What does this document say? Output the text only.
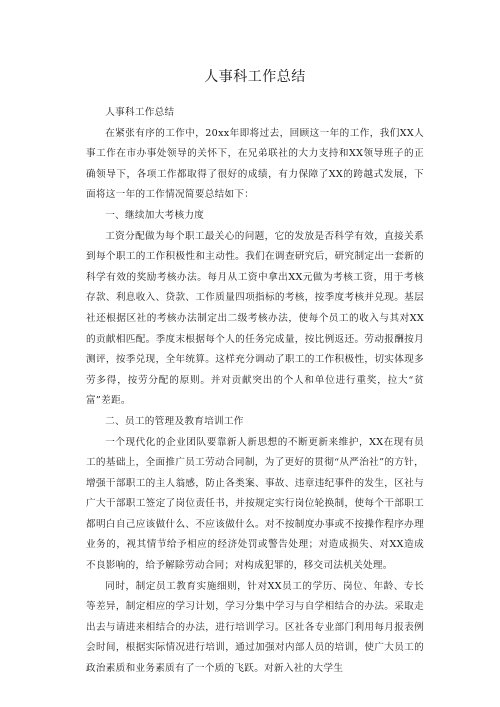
人事科工作总结

人事科工作总结

在紧张有序的工作中，20xx年即将过去，回顾这一年的工作，我们XX人事工作在市办事处领导的关怀下，在兄弟联社的大力支持和XX领导班子的正确领导下，各项工作都取得了很好的成绩，有力保障了XX的跨越式发展，下面将这一年的工作情况简要总结如下：

一、继续加大考核力度

工资分配做为每个职工最关心的问题，它的发放是否科学有效，直接关系到每个职工的工作积极性和主动性。我们在调查研究后，研究制定出一套新的科学有效的奖励考核办法。每月从工资中拿出XX元做为考核工资，用于考核存款、利息收入、贷款、工作质量四项指标的考核，按季度考核并兑现。基层社还根据区社的考核办法制定出二级考核办法，使每个员工的收入与其对XX的贡献相匹配。季度末根据每个人的任务完成量，按比例返还。劳动报酬按月测评，按季兑现，全年统算。这样充分调动了职工的工作积极性，切实体现多劳多得，按劳分配的原则。并对贡献突出的个人和单位进行重奖，拉大“贫富”差距。

二、员工的管理及教育培训工作

一个现代化的企业团队要靠新人新思想的不断更新来维护，XX在现有员工的基础上，全面推广员工劳动合同制，为了更好的贯彻“从严治社”的方针，增强干部职工的主人翁感，防止各类案、事故、违章违纪事件的发生，区社与广大干部职工签定了岗位责任书，并按规定实行岗位轮换制，使每个干部职工都明白自己应该做什么、不应该做什么。对不按制度办事或不按操作程序办理业务的，视其情节给予相应的经济处罚或警告处理；对造成损失、对XX造成不良影响的，给予解除劳动合同；对构成犯罪的，移交司法机关处理。

同时，制定员工教育实施细则，针对XX员工的学历、岗位、年龄、专长等差异，制定相应的学习计划，学习分集中学习与自学相结合的办法。采取走出去与请进来相结合的办法，进行培训学习。区社各专业部门利用每月报表例会时间，根据实际情况进行培训，通过加强对内部人员的培训，使广大员工的政治素质和业务素质有了一个质的飞跃。对新入社的大学生
